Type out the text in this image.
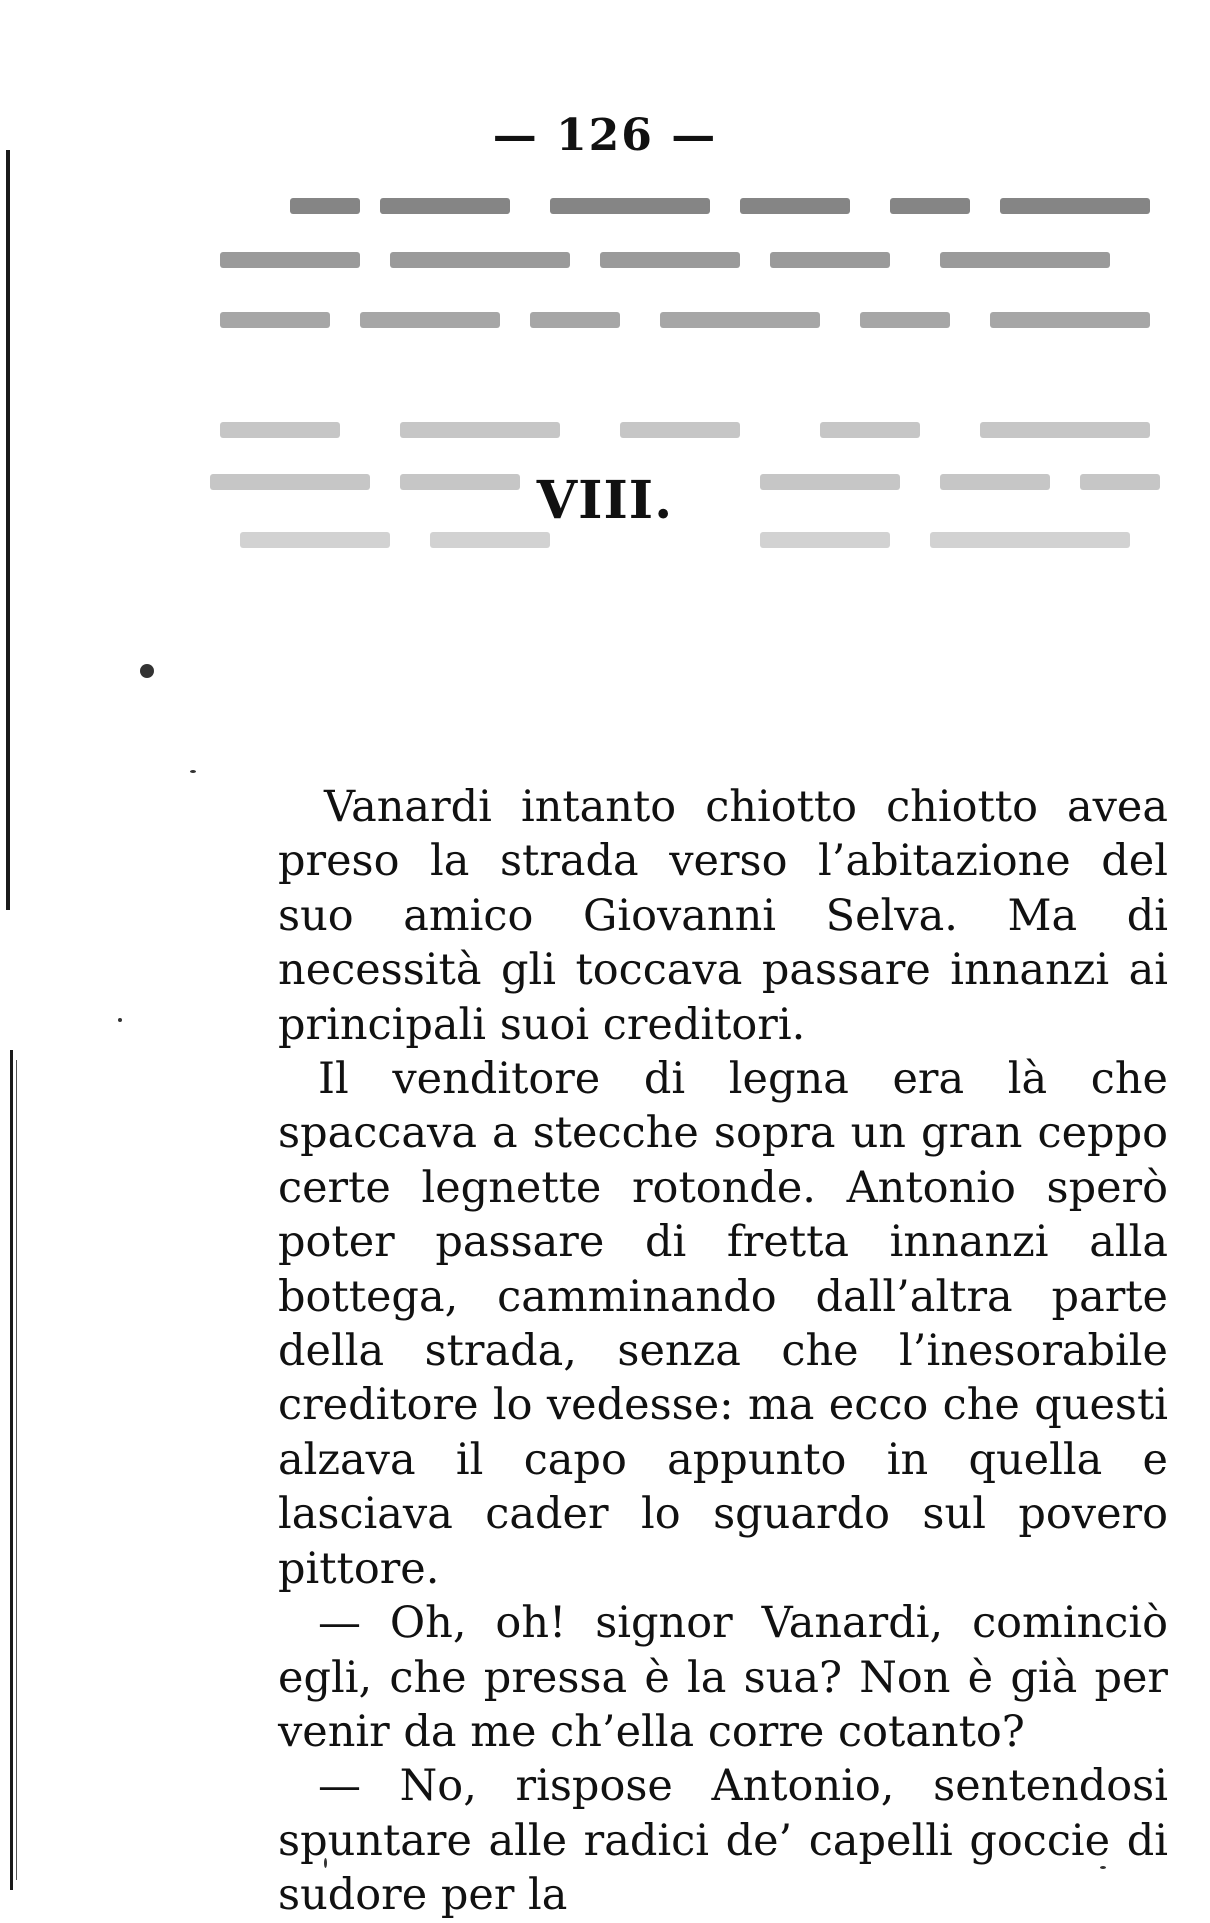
— 126 —
VIII.

Vanardi intanto chiotto chiotto avea preso la strada verso l’abitazione del suo amico Giovanni Selva. Ma di necessità gli toccava passare innanzi ai principali suoi creditori.

Il venditore di legna era là che spaccava a stecche sopra un gran ceppo certe legnette rotonde. Antonio sperò poter passare di fretta innanzi alla bottega, camminando dall’altra parte della strada, senza che l’inesorabile creditore lo vedesse: ma ecco che questi alzava il capo appunto in quella e lasciava cader lo sguardo sul povero pittore.

— Oh, oh! signor Vanardi, cominciò egli, che pressa è la sua? Non è già per venir da me ch’ella corre cotanto?

— No, rispose Antonio, sentendosi spuntare alle radici de’ capelli goccie di sudore per la
